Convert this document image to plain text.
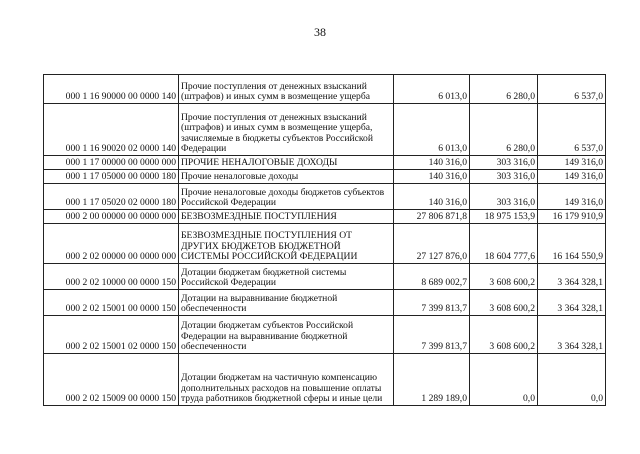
38
000 1 16 90000 00 0000 140	Прочие поступления от денежных взысканий (штрафов) и иных сумм в возмещение ущерба	6 013,0	6 280,0	6 537,0
000 1 16 90020 02 0000 140	Прочие поступления от денежных взысканий (штрафов) и иных сумм в возмещение ущерба, зачисляемые в бюджеты субъектов Российской Федерации	6 013,0	6 280,0	6 537,0
000 1 17 00000 00 0000 000	ПРОЧИЕ НЕНАЛОГОВЫЕ ДОХОДЫ	140 316,0	303 316,0	149 316,0
000 1 17 05000 00 0000 180	Прочие неналоговые доходы	140 316,0	303 316,0	149 316,0
000 1 17 05020 02 0000 180	Прочие неналоговые доходы бюджетов субъектов Российской Федерации	140 316,0	303 316,0	149 316,0
000 2 00 00000 00 0000 000	БЕЗВОЗМЕЗДНЫЕ ПОСТУПЛЕНИЯ	27 806 871,8	18 975 153,9	16 179 910,9
000 2 02 00000 00 0000 000	БЕЗВОЗМЕЗДНЫЕ ПОСТУПЛЕНИЯ ОТ ДРУГИХ БЮДЖЕТОВ БЮДЖЕТНОЙ СИСТЕМЫ РОССИЙСКОЙ ФЕДЕРАЦИИ	27 127 876,0	18 604 777,6	16 164 550,9
000 2 02 10000 00 0000 150	Дотации бюджетам бюджетной системы Российской Федерации	8 689 002,7	3 608 600,2	3 364 328,1
000 2 02 15001 00 0000 150	Дотации на выравнивание бюджетной обеспеченности	7 399 813,7	3 608 600,2	3 364 328,1
000 2 02 15001 02 0000 150	Дотации бюджетам субъектов Российской Федерации на выравнивание бюджетной обеспеченности	7 399 813,7	3 608 600,2	3 364 328,1
000 2 02 15009 00 0000 150	Дотации бюджетам на частичную компенсацию дополнительных расходов на повышение оплаты труда работников бюджетной сферы и иные цели	1 289 189,0	0,0	0,0
